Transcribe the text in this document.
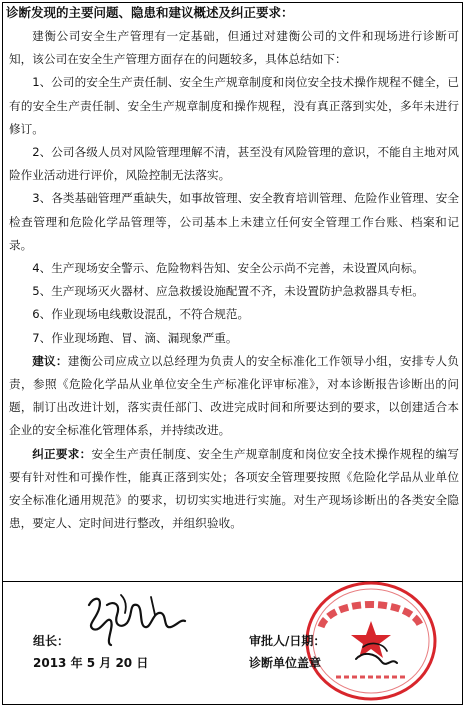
诊断发现的主要问题、隐患和建议概述及纠正要求：

建衡公司安全生产管理有一定基础，但通过对建衡公司的文件和现场进行诊断可知，该公司在安全生产管理方面存在的问题较多，具体总结如下：

1、公司的安全生产责任制、安全生产规章制度和岗位安全技术操作规程不健全，已有的安全生产责任制、安全生产规章制度和操作规程，没有真正落到实处，多年未进行修订。

2、公司各级人员对风险管理理解不清，甚至没有风险管理的意识，不能自主地对风险作业活动进行评价，风险控制无法落实。

3、各类基础管理严重缺失，如事故管理、安全教育培训管理、危险作业管理、安全检查管理和危险化学品管理等，公司基本上未建立任何安全管理工作台账、档案和记录。

4、生产现场安全警示、危险物料告知、安全公示尚不完善，未设置风向标。

5、生产现场灭火器材、应急救援设施配置不齐，未设置防护急救器具专柜。

6、作业现场电线敷设混乱，不符合规范。

7、作业现场跑、冒、滴、漏现象严重。

建议：建衡公司应成立以总经理为负责人的安全标准化工作领导小组，安排专人负责，参照《危险化学品从业单位安全生产标准化评审标准》，对本诊断报告诊断出的问题，制订出改进计划，落实责任部门、改进完成时间和所要达到的要求，以创建适合本企业的安全标准化管理体系，并持续改进。

纠正要求：安全生产责任制度、安全生产规章制度和岗位安全技术操作规程的编写要有针对性和可操作性，能真正落到实处；各项安全管理要按照《危险化学品从业单位安全标准化通用规范》的要求，切切实实地进行实施。对生产现场诊断出的各类安全隐患，要定人、定时间进行整改，并组织验收。

组长：
2013 年 5 月 20 日
审批人/日期：
诊断单位盖章
